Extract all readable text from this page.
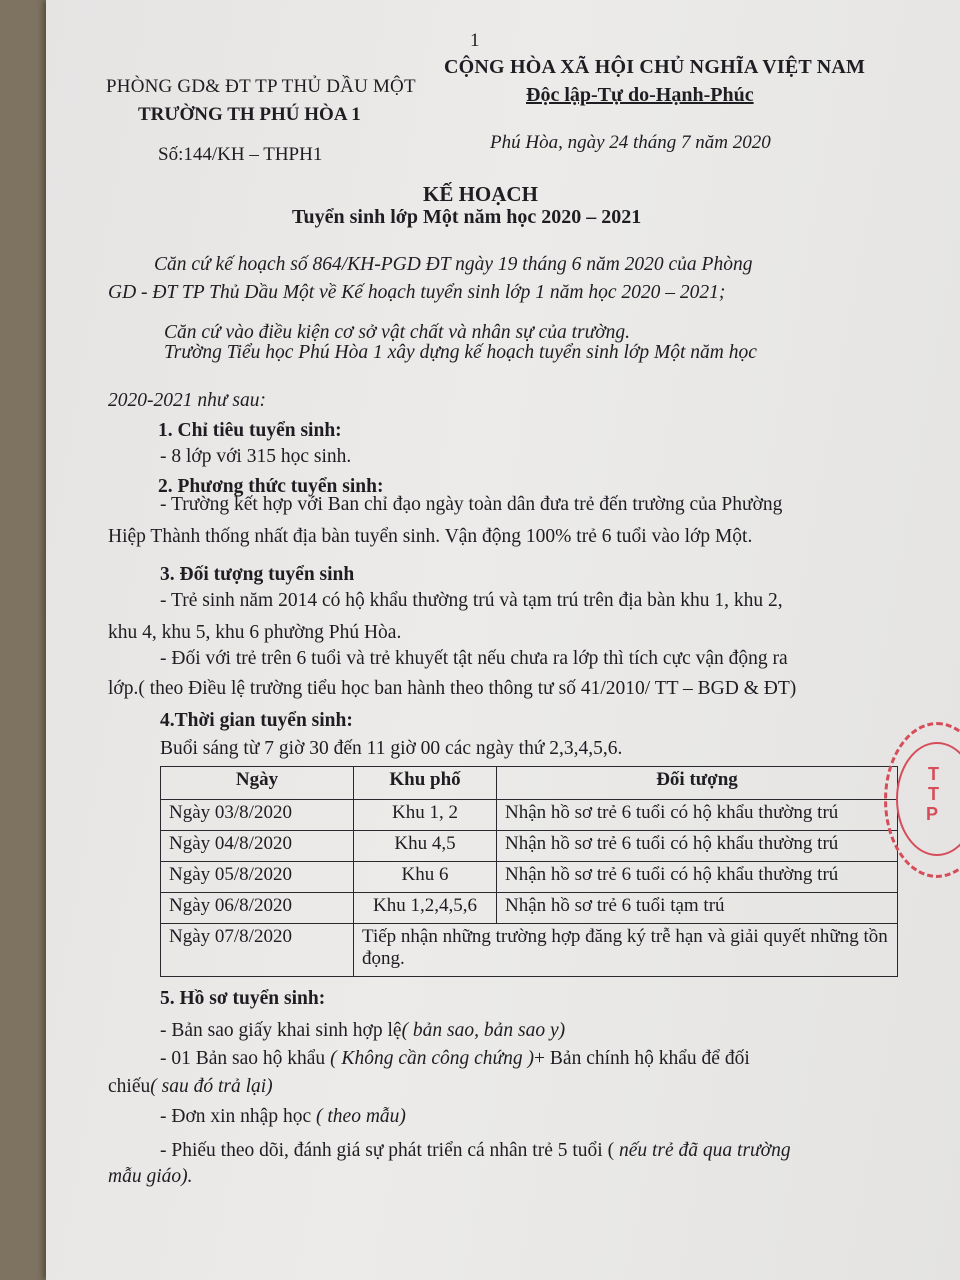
1
PHÒNG GD& ĐT TP THỦ DẦU MỘT
TRƯỜNG TH PHÚ HÒA 1
CỘNG HÒA XÃ HỘI CHỦ NGHĨA VIỆT NAM
Độc lập-Tự do-Hạnh-Phúc
Số:144/KH – THPH1
Phú Hòa, ngày 24 tháng 7 năm 2020
KẾ HOẠCH
Tuyển sinh lớp Một năm học 2020 – 2021
Căn cứ kế hoạch số 864/KH-PGD ĐT ngày 19 tháng 6 năm 2020 của Phòng
GD - ĐT TP Thủ Dầu Một về Kế hoạch tuyển sinh lớp 1 năm học 2020 – 2021;
Căn cứ vào điều kiện cơ sở vật chất và nhân sự của trường.
Trường Tiểu học Phú Hòa 1 xây dựng kế hoạch tuyển sinh lớp Một năm học
2020-2021 như sau:
1. Chỉ tiêu tuyển sinh:
- 8 lớp với 315 học sinh.
2. Phương thức tuyển sinh:
- Trường kết hợp với Ban chỉ đạo ngày toàn dân đưa trẻ đến trường của Phường
Hiệp Thành thống nhất địa bàn tuyển sinh. Vận động 100% trẻ 6 tuổi vào lớp Một.
3. Đối tượng tuyển sinh
- Trẻ sinh năm 2014 có hộ khẩu thường trú và tạm trú trên địa bàn khu 1, khu 2,
khu 4, khu 5, khu 6 phường Phú Hòa.
- Đối với trẻ trên 6 tuổi và trẻ khuyết tật nếu chưa ra lớp thì tích cực vận động ra
lớp.( theo Điều lệ trường tiểu học ban hành theo thông tư số 41/2010/ TT – BGD & ĐT)
4.Thời gian tuyển sinh:
Buổi sáng từ 7 giờ 30 đến 11 giờ 00 các ngày thứ 2,3,4,5,6.
Ngày	Khu phố	Đối tượng
Ngày 03/8/2020	Khu 1, 2	Nhận hồ sơ trẻ 6 tuổi có hộ khẩu thường trú
Ngày 04/8/2020	Khu 4,5	Nhận hồ sơ trẻ 6 tuổi có hộ khẩu thường trú
Ngày 05/8/2020	Khu 6	Nhận hồ sơ trẻ 6 tuổi có hộ khẩu thường trú
Ngày 06/8/2020	Khu 1,2,4,5,6	Nhận hồ sơ trẻ 6 tuổi tạm trú
Ngày 07/8/2020	Tiếp nhận những trường hợp đăng ký trễ hạn và giải quyết những tồn đọng.
5. Hồ sơ tuyển sinh:
- Bản sao giấy khai sinh hợp lệ( bản sao, bản sao y)
- 01 Bản sao hộ khẩu ( Không cần công chứng )+ Bản chính hộ khẩu để đối
chiếu( sau đó trả lại)
- Đơn xin nhập học ( theo mẫu)
- Phiếu theo dõi, đánh giá sự phát triển cá nhân trẻ 5 tuổi ( nếu trẻ đã qua trường
mẫu giáo).
T
T
P
